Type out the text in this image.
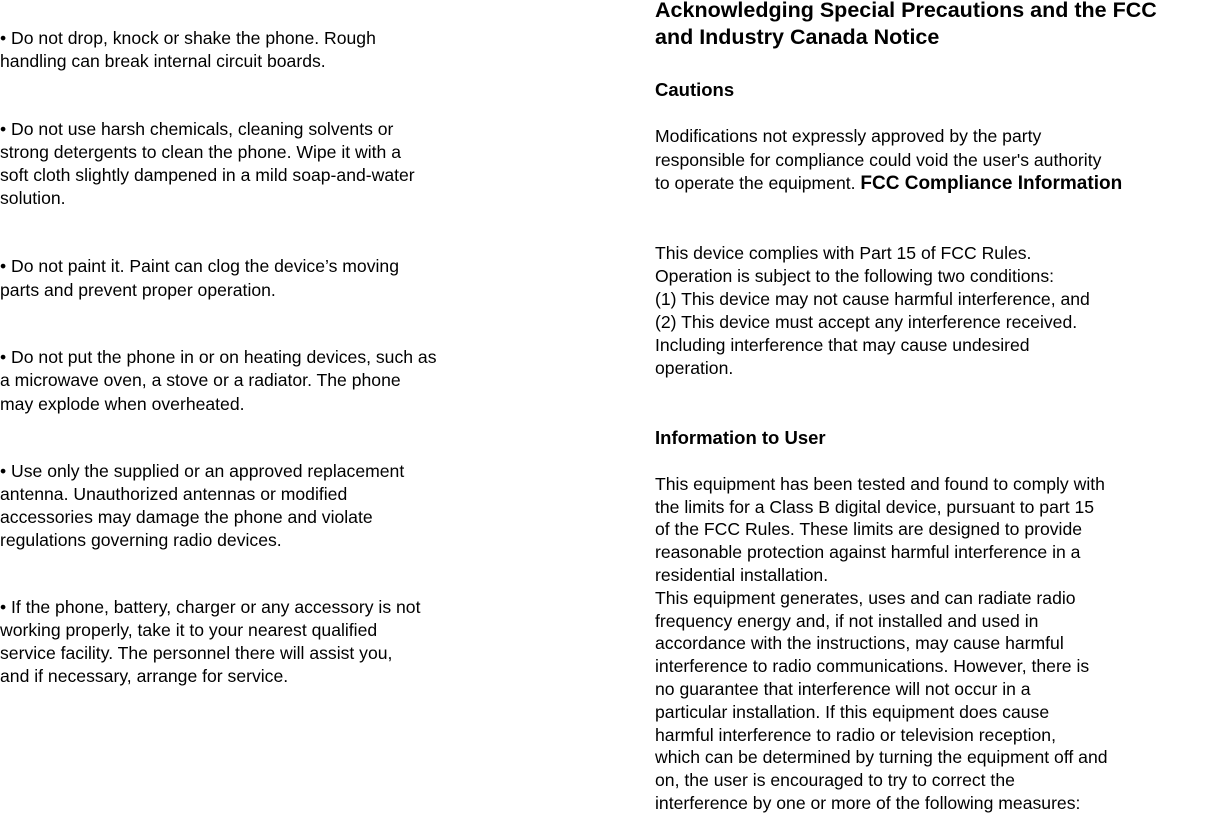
• Do not drop, knock or shake the phone. Rough
handling can break internal circuit boards.
• Do not use harsh chemicals, cleaning solvents or
strong detergents to clean the phone. Wipe it with a
soft cloth slightly dampened in a mild soap-and-water
solution.
• Do not paint it. Paint can clog the device’s moving
parts and prevent proper operation.
• Do not put the phone in or on heating devices, such as
a microwave oven, a stove or a radiator. The phone
may explode when overheated.
• Use only the supplied or an approved replacement
antenna. Unauthorized antennas or modified
accessories may damage the phone and violate
regulations governing radio devices.
• If the phone, battery, charger or any accessory is not
working properly, take it to your nearest qualified
service facility. The personnel there will assist you,
and if necessary, arrange for service.
Acknowledging Special Precautions and the FCC
and Industry Canada Notice
Cautions
Modifications not expressly approved by the party
responsible for compliance could void the user's authority
to operate the equipment. FCC Compliance Information
This device complies with Part 15 of FCC Rules.
Operation is subject to the following two conditions:
(1) This device may not cause harmful interference, and
(2) This device must accept any interference received.
Including interference that may cause undesired
operation.
Information to User
This equipment has been tested and found to comply with
the limits for a Class B digital device, pursuant to part 15
of the FCC Rules. These limits are designed to provide
reasonable protection against harmful interference in a
residential installation.
This equipment generates, uses and can radiate radio
frequency energy and, if not installed and used in
accordance with the instructions, may cause harmful
interference to radio communications. However, there is
no guarantee that interference will not occur in a
particular installation. If this equipment does cause
harmful interference to radio or television reception,
which can be determined by turning the equipment off and
on, the user is encouraged to try to correct the
interference by one or more of the following measures:
